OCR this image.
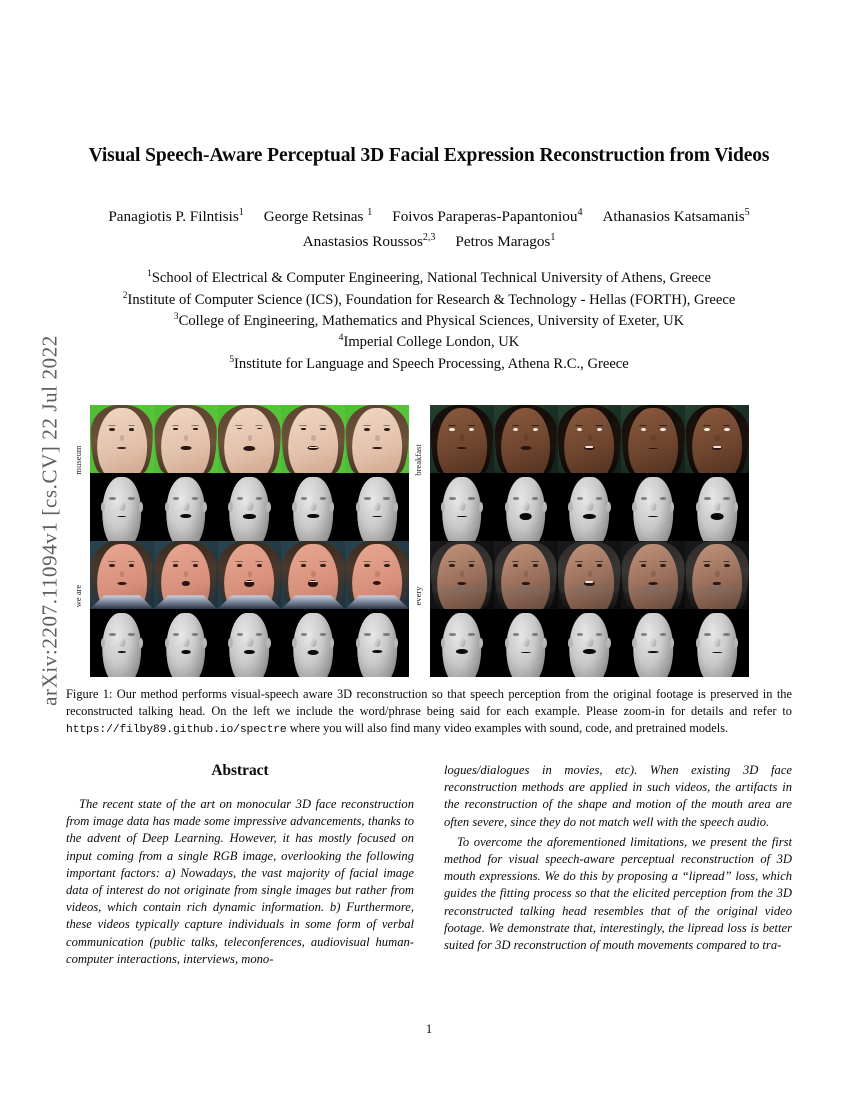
arXiv:2207.11094v1 [cs.CV] 22 Jul 2022
Visual Speech-Aware Perceptual 3D Facial Expression Reconstruction from Videos
Panagiotis P. Filntisis$^1$ George Retsinas $^1$ Foivos Paraperas-Papantoniou$^4$ Athanasios Katsamanis$^5$
Anastasios Roussos$^{2,3}$ Petros Maragos$^1$
$^1$School of Electrical & Computer Engineering, National Technical University of Athens, Greece
$^2$Institute of Computer Science (ICS), Foundation for Research & Technology - Hellas (FORTH), Greece
$^3$College of Engineering, Mathematics and Physical Sciences, University of Exeter, UK
$^4$Imperial College London, UK
$^5$Institute for Language and Speech Processing, Athena R.C., Greece
museum
we are
breakfast
every
Figure 1: Our method performs visual-speech aware 3D reconstruction so that speech perception from the original footage is preserved in the reconstructed talking head. On the left we include the word/phrase being said for each example. Please zoom-in for details and refer to https://filby89.github.io/spectre where you will also find many video examples with sound, code, and pretrained models.
Abstract

The recent state of the art on monocular 3D face reconstruction from image data has made some impressive advancements, thanks to the advent of Deep Learning. However, it has mostly focused on input coming from a single RGB image, overlooking the following important factors: a) Nowadays, the vast majority of facial image data of interest do not originate from single images but rather from videos, which contain rich dynamic information. b) Furthermore, these videos typically capture individuals in some form of verbal communication (public talks, teleconferences, audiovisual human-computer interactions, interviews, mono-

logues/dialogues in movies, etc). When existing 3D face reconstruction methods are applied in such videos, the artifacts in the reconstruction of the shape and motion of the mouth area are often severe, since they do not match well with the speech audio.

To overcome the aforementioned limitations, we present the first method for visual speech-aware perceptual reconstruction of 3D mouth expressions. We do this by proposing a “lipread” loss, which guides the fitting process so that the elicited perception from the 3D reconstructed talking head resembles that of the original video footage. We demonstrate that, interestingly, the lipread loss is better suited for 3D reconstruction of mouth movements compared to tra-

1
